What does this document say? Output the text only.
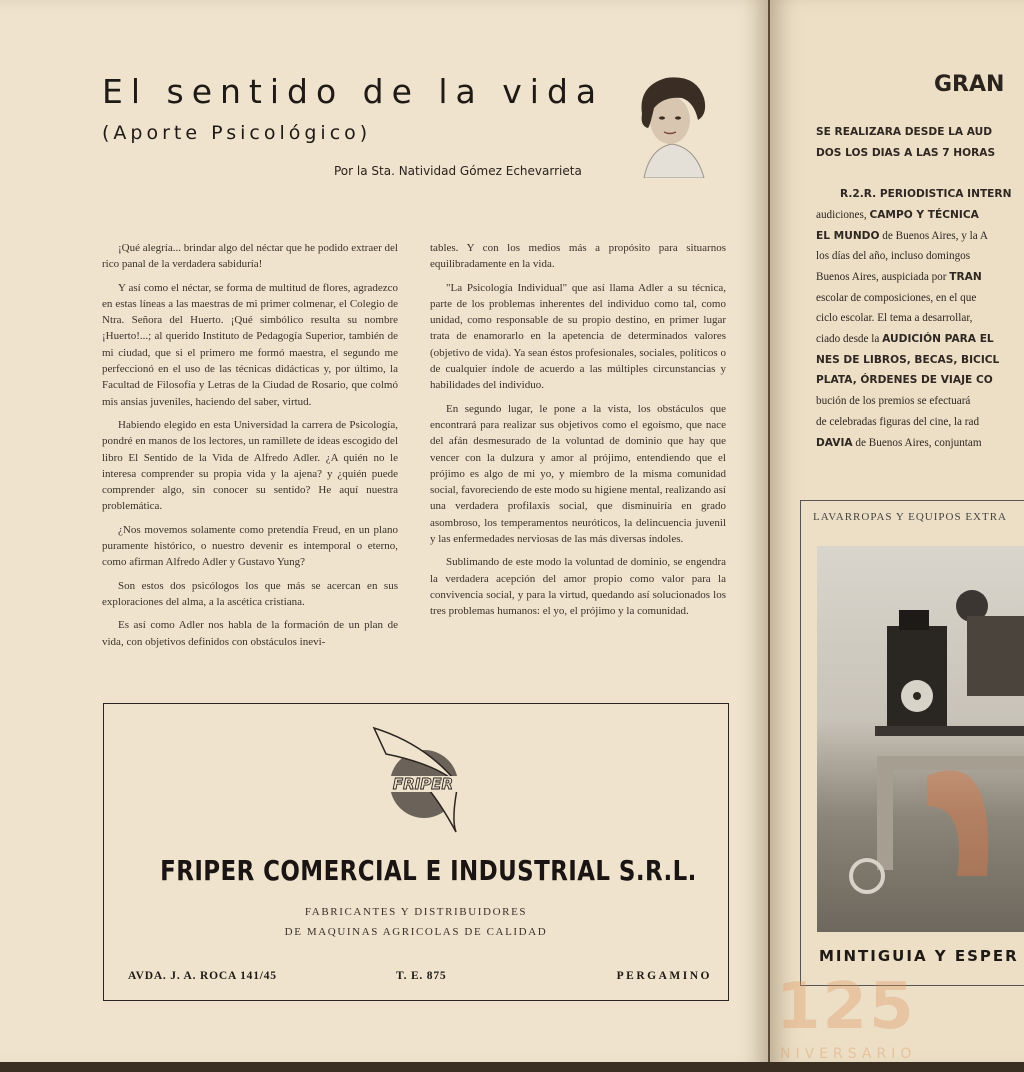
El sentido de la vida
(Aporte Psicológico)
Por la Sta. Natividad Gómez Echevarrieta

¡Qué alegría... brindar algo del néctar que he podido extraer del rico panal de la verdadera sabiduría!

Y así como el néctar, se forma de multitud de flores, agradezco en estas líneas a las maestras de mi primer colmenar, el Colegio de Ntra. Señora del Huerto. ¡Qué simbólico resulta su nombre ¡Huerto!...; al querido Instituto de Pedagogía Superior, también de mi ciudad, que si el primero me formó maestra, el segundo me perfeccionó en el uso de las técnicas didácticas y, por último, la Facultad de Filosofía y Letras de la Ciudad de Rosario, que colmó mis ansias juveniles, haciendo del saber, virtud.

Habiendo elegido en esta Universidad la carrera de Psicología, pondré en manos de los lectores, un ramillete de ideas escogido del libro El Sentido de la Vida de Alfredo Adler. ¿A quién no le interesa comprender su propia vida y la ajena? y ¿quién puede comprender algo, sin conocer su sentido? He aquí nuestra problemática.

¿Nos movemos solamente como pretendía Freud, en un plano puramente histórico, o nuestro devenir es intemporal o eterno, como afirman Alfredo Adler y Gustavo Yung?

Son estos dos psicólogos los que más se acercan en sus exploraciones del alma, a la ascética cristiana.

Es así como Adler nos habla de la formación de un plan de vida, con objetivos definidos con obstáculos inevi-

tables. Y con los medios más a propósito para situarnos equilibradamente en la vida.

"La Psicología Individual" que así llama Adler a su técnica, parte de los problemas inherentes del individuo como tal, como unidad, como responsable de su propio destino, en primer lugar trata de enamorarlo en la apetencia de determinados valores (objetivo de vida). Ya sean éstos profesionales, sociales, políticos o de cualquier índole de acuerdo a las múltiples circunstancias y habilidades del individuo.

En segundo lugar, le pone a la vista, los obstáculos que encontrará para realizar sus objetivos como el egoísmo, que nace del afán desmesurado de la voluntad de dominio que hay que vencer con la dulzura y amor al prójimo, entendiendo que el prójimo es algo de mi yo, y miembro de la misma comunidad social, favoreciendo de este modo su higiene mental, realizando así una verdadera profilaxis social, que disminuiría en grado asombroso, los temperamentos neuróticos, la delincuencia juvenil y las enfermedades nerviosas de las más diversas índoles.

Sublimando de este modo la voluntad de dominio, se engendra la verdadera acepción del amor propio como valor para la convivencia social, y para la virtud, quedando así solucionados los tres problemas humanos: el yo, el prójimo y la comunidad.

FRIPER
FRIPER COMERCIAL E INDUSTRIAL S.R.L.
FABRICANTES Y DISTRIBUIDORES
DE MAQUINAS AGRICOLAS DE CALIDAD
AVDA. J. A. ROCA 141/45	T. E. 875	PERGAMINO
GRAN
SE REALIZARA DESDE LA AUD
DOS LOS DIAS A LAS 7 HORAS

R.2.R. PERIODISTICA INTERN
audiciones, CAMPO Y TÉCNICA
EL MUNDO de Buenos Aires, y la A
los días del año, incluso domingos
Buenos Aires, auspiciada por TRAN
escolar de composiciones, en el que
ciclo escolar. El tema a desarrollar,
ciado desde la AUDICIÓN PARA EL
NES DE LIBROS, BECAS, BICICL
PLATA, ÓRDENES DE VIAJE CO
bución de los premios se efectuará
de celebradas figuras del cine, la rad
DAVIA de Buenos Aires, conjuntam
LAVARROPAS Y EQUIPOS EXTRA
MINTIGUIA Y ESPER
125
NIVERSARIO
